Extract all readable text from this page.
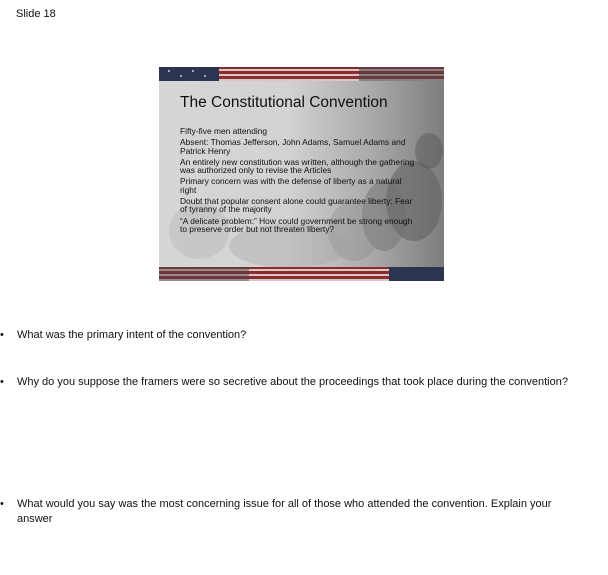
Slide 18
The Constitutional Convention
Fifty-five men attending
Absent: Thomas Jefferson, John Adams, Samuel Adams and Patrick Henry
An entirely new constitution was written, although the gathering was authorized only to revise the Articles
Primary concern was with the defense of liberty as a natural right
Doubt that popular consent alone could guarantee liberty: Fear of tyranny of the majority
“A delicate problem:” How could government be strong enough to preserve order but not threaten liberty?
•	What was the primary intent of the convention?
•	Why do you suppose the framers were so secretive about the proceedings that took place during the convention?
•	What would you say was the most concerning issue for all of those who attended the convention. Explain your answer
